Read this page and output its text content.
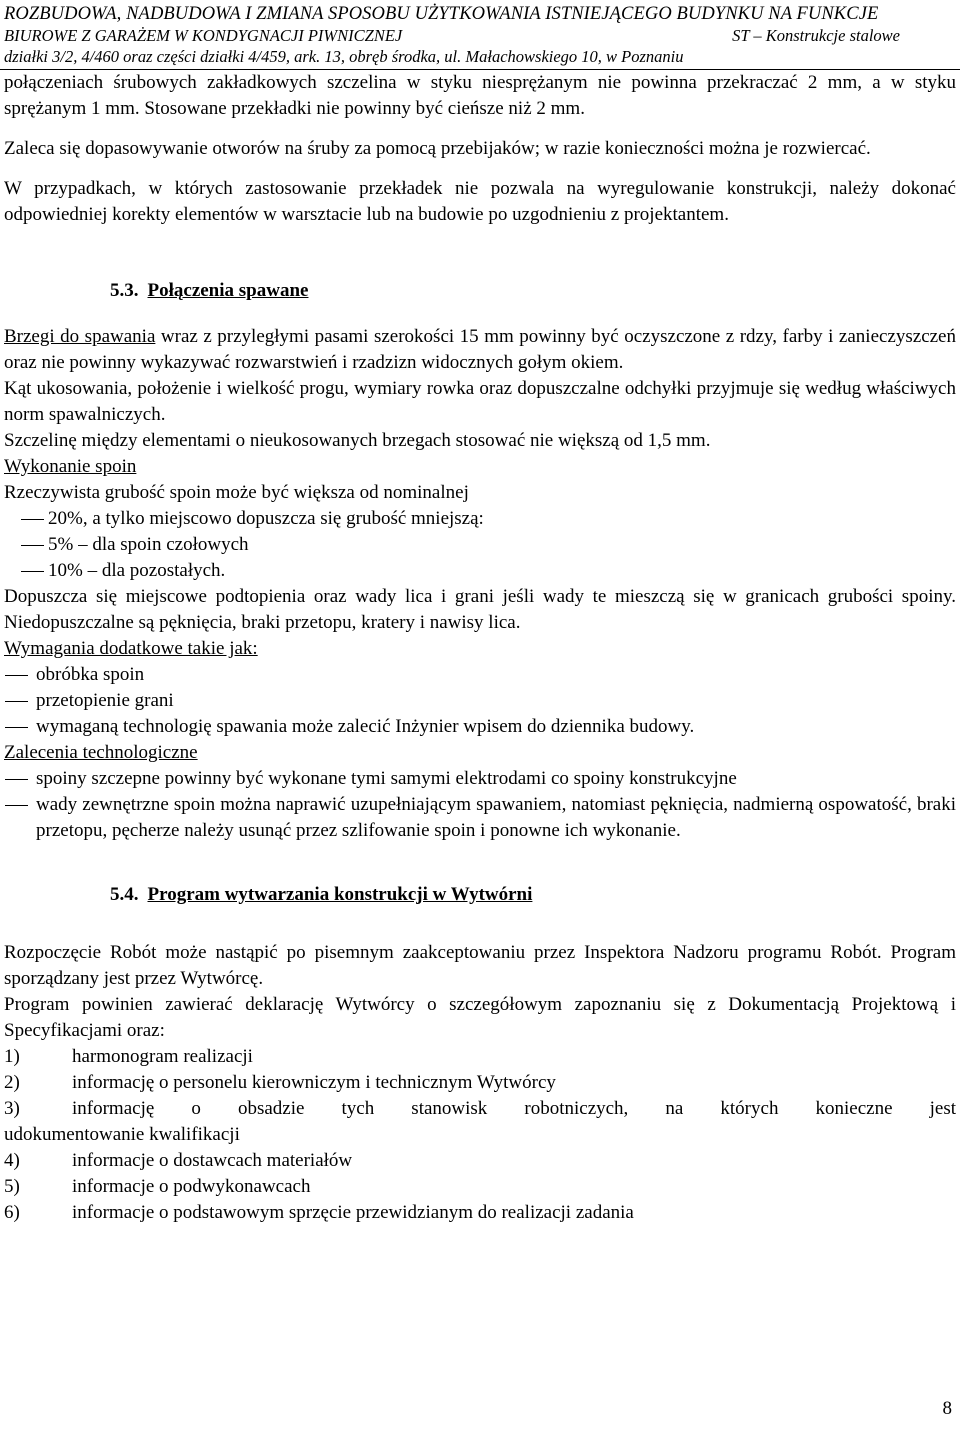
ROZBUDOWA, NADBUDOWA I ZMIANA SPOSOBU UŻYTKOWANIA ISTNIEJĄCEGO BUDYNKU NA FUNKCJE
BIUROWE Z GARAŻEM W KONDYGNACJI PIWNICZNEJ	ST – Konstrukcje stalowe
działki 3/2, 4/460 oraz części działki 4/459, ark. 13, obręb środka, ul. Małachowskiego 10, w Poznaniu

połączeniach śrubowych zakładkowych szczelina w styku niesprężanym nie powinna przekraczać 2 mm, a w styku sprężanym 1 mm. Stosowane przekładki nie powinny być cieńsze niż 2 mm.

Zaleca się dopasowywanie otworów na śruby za pomocą przebijaków; w razie konieczności można je rozwiercać.

W przypadkach, w których zastosowanie przekładek nie pozwala na wyregulowanie konstrukcji, należy dokonać odpowiedniej korekty elementów w warsztacie lub na budowie po uzgodnieniu z projektantem.

5.3. Połączenia spawane

Brzegi do spawania wraz z przyległymi pasami szerokości 15 mm powinny być oczyszczone z rdzy, farby i zanieczyszczeń oraz nie powinny wykazywać rozwarstwień i rzadzizn widocznych gołym okiem.

Kąt ukosowania, położenie i wielkość progu, wymiary rowka oraz dopuszczalne odchyłki przyjmuje się według właściwych norm spawalniczych.

Szczelinę między elementami o nieukosowanych brzegach stosować nie większą od 1,5 mm.

Wykonanie spoin

Rzeczywista grubość spoin może być większa od nominalnej

20%, a tylko miejscowo dopuszcza się grubość mniejszą:
5% – dla spoin czołowych
10% – dla pozostałych.

Dopuszcza się miejscowe podtopienia oraz wady lica i grani jeśli wady te mieszczą się w granicach grubości spoiny. Niedopuszczalne są pęknięcia, braki przetopu, kratery i nawisy lica.

Wymagania dodatkowe takie jak:

obróbka spoin
przetopienie grani
wymaganą technologię spawania może zalecić Inżynier wpisem do dziennika budowy.

Zalecenia technologiczne

spoiny szczepne powinny być wykonane tymi samymi elektrodami co spoiny konstrukcyjne
wady zewnętrzne spoin można naprawić uzupełniającym spawaniem, natomiast pęknięcia, nadmierną ospowatość, braki przetopu, pęcherze należy usunąć przez szlifowanie spoin i ponowne ich wykonanie.
5.4. Program wytwarzania konstrukcji w Wytwórni

Rozpoczęcie Robót może nastąpić po pisemnym zaakceptowaniu przez Inspektora Nadzoru programu Robót. Program sporządzany jest przez Wytwórcę.

Program powinien zawierać deklarację Wytwórcy o szczegółowym zapoznaniu się z Dokumentacją Projektową i Specyfikacjami oraz:

1)	harmonogram realizacji
2)	informację o personelu kierowniczym i technicznym Wytwórcy
3)	informację o obsadzie tych stanowisk robotniczych, na których konieczne jest
udokumentowanie kwalifikacji
4)	informacje o dostawcach materiałów
5)	informacje o podwykonawcach
6)	informacje o podstawowym sprzęcie przewidzianym do realizacji zadania
8
